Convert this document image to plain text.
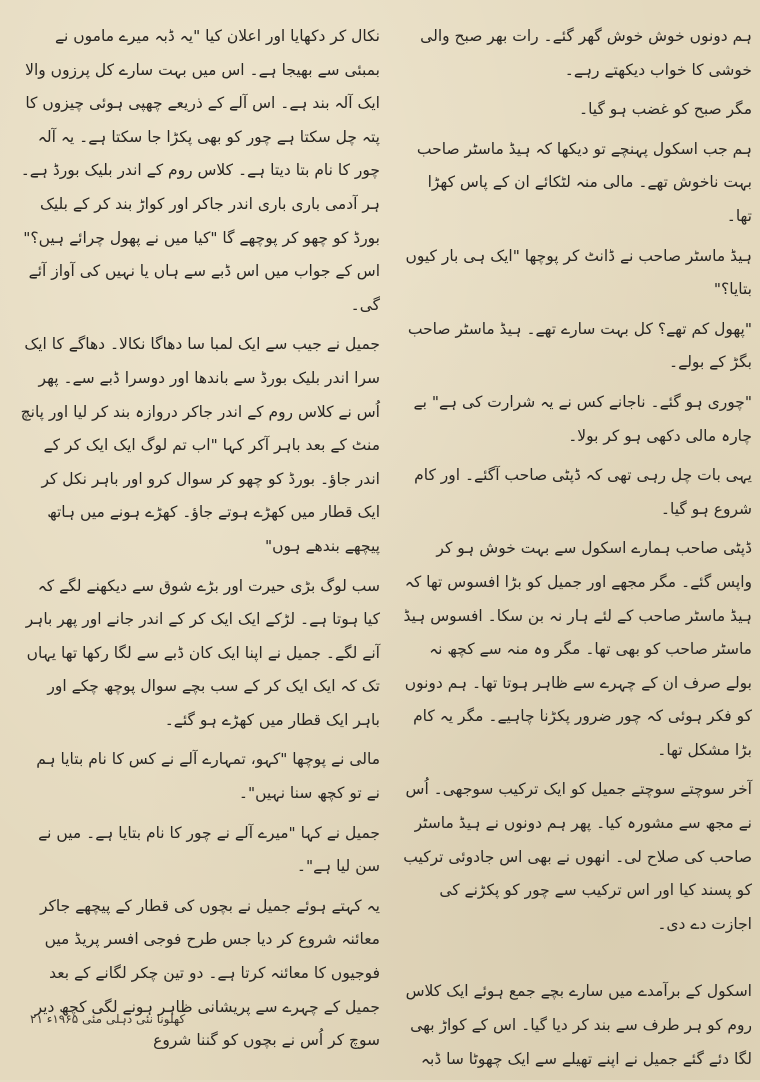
ہم دونوں خوش خوش گھر گئے۔ رات بھر صبح والی خوشی کا خواب دیکھتے رہے۔

مگر صبح کو غضب ہو گیا۔

ہم جب اسکول پہنچے تو دیکھا کہ ہیڈ ماسٹر صاحب بہت ناخوش تھے۔ مالی منہ لٹکائے ان کے پاس کھڑا تھا۔

ہیڈ ماسٹر صاحب نے ڈانٹ کر پوچھا "ایک ہی بار کیوں بتایا؟"

"پھول کم تھے؟ کل بہت سارے تھے۔ ہیڈ ماسٹر صاحب بگڑ کے بولے۔

"چوری ہو گئے۔ ناجانے کس نے یہ شرارت کی ہے" بے چارہ مالی دکھی ہو کر بولا۔

یہی بات چل رہی تھی کہ ڈپٹی صاحب آگئے۔ اور کام شروع ہو گیا۔

ڈپٹی صاحب ہمارے اسکول سے بہت خوش ہو کر واپس گئے۔ مگر مجھے اور جمیل کو بڑا افسوس تھا کہ ہیڈ ماسٹر صاحب کے لئے ہار نہ بن سکا۔ افسوس ہیڈ ماسٹر صاحب کو بھی تھا۔ مگر وہ منہ سے کچھ نہ بولے صرف ان کے چہرے سے ظاہر ہوتا تھا۔ ہم دونوں کو فکر ہوئی کہ چور ضرور پکڑنا چاہیے۔ مگر یہ کام بڑا مشکل تھا۔

آخر سوچتے سوچتے جمیل کو ایک ترکیب سوجھی۔ اُس نے مجھ سے مشورہ کیا۔ پھر ہم دونوں نے ہیڈ ماسٹر صاحب کی صلاح لی۔ انھوں نے بھی اس جادوئی ترکیب کو پسند کیا اور اس ترکیب سے چور کو پکڑنے کی اجازت دے دی۔

اسکول کے برآمدے میں سارے بچے جمع ہوئے ایک کلاس روم کو ہر طرف سے بند کر دیا گیا۔ اس کے کواڑ بھی لگا دئے گئے جمیل نے اپنے تھیلے سے ایک چھوٹا سا ڈبہ

نکال کر دکھایا اور اعلان کیا "یہ ڈبہ میرے ماموں نے بمبئی سے بھیجا ہے۔ اس میں بہت سارے کل پرزوں والا ایک آلہ بند ہے۔ اس آلے کے ذریعے چھپی ہوئی چیزوں کا پتہ چل سکتا ہے چور کو بھی پکڑا جا سکتا ہے۔ یہ آلہ چور کا نام بتا دیتا ہے۔ کلاس روم کے اندر بلیک بورڈ ہے۔ ہر آدمی باری باری اندر جاکر اور کواڑ بند کر کے بلیک بورڈ کو چھو کر پوچھے گا "کیا میں نے پھول چرائے ہیں؟" اس کے جواب میں اس ڈبے سے ہاں یا نہیں کی آواز آئے گی۔

جمیل نے جیب سے ایک لمبا سا دھاگا نکالا۔ دھاگے کا ایک سرا اندر بلیک بورڈ سے باندھا اور دوسرا ڈبے سے۔ پھر اُس نے کلاس روم کے اندر جاکر دروازہ بند کر لیا اور پانچ منٹ کے بعد باہر آکر کہا "اب تم لوگ ایک ایک کر کے اندر جاؤ۔ بورڈ کو چھو کر سوال کرو اور باہر نکل کر ایک قطار میں کھڑے ہوتے جاؤ۔ کھڑے ہونے میں ہاتھ پیچھے بندھے ہوں"

سب لوگ بڑی حیرت اور بڑے شوق سے دیکھنے لگے کہ کیا ہوتا ہے۔ لڑکے ایک ایک کر کے اندر جانے اور پھر باہر آنے لگے۔ جمیل نے اپنا ایک کان ڈبے سے لگا رکھا تھا یہاں تک کہ ایک ایک کر کے سب بچے سوال پوچھ چکے اور باہر ایک قطار میں کھڑے ہو گئے۔

مالی نے پوچھا "کہو، تمہارے آلے نے کس کا نام بتایا ہم نے تو کچھ سنا نہیں"۔

جمیل نے کہا "میرے آلے نے چور کا نام بتایا ہے۔ میں نے سن لیا ہے"۔

یہ کہتے ہوئے جمیل نے بچوں کی قطار کے پیچھے جاکر معائنہ شروع کر دیا جس طرح فوجی افسر پریڈ میں فوجیوں کا معائنہ کرتا ہے۔ دو تین چکر لگانے کے بعد جمیل کے چہرے سے پریشانی ظاہر ہونے لگی کچھ دیر سوچ کر اُس نے بچوں کو گننا شروع

کھلونا نئی دہلی مئی ۱۹۶۵ء ۲۱
